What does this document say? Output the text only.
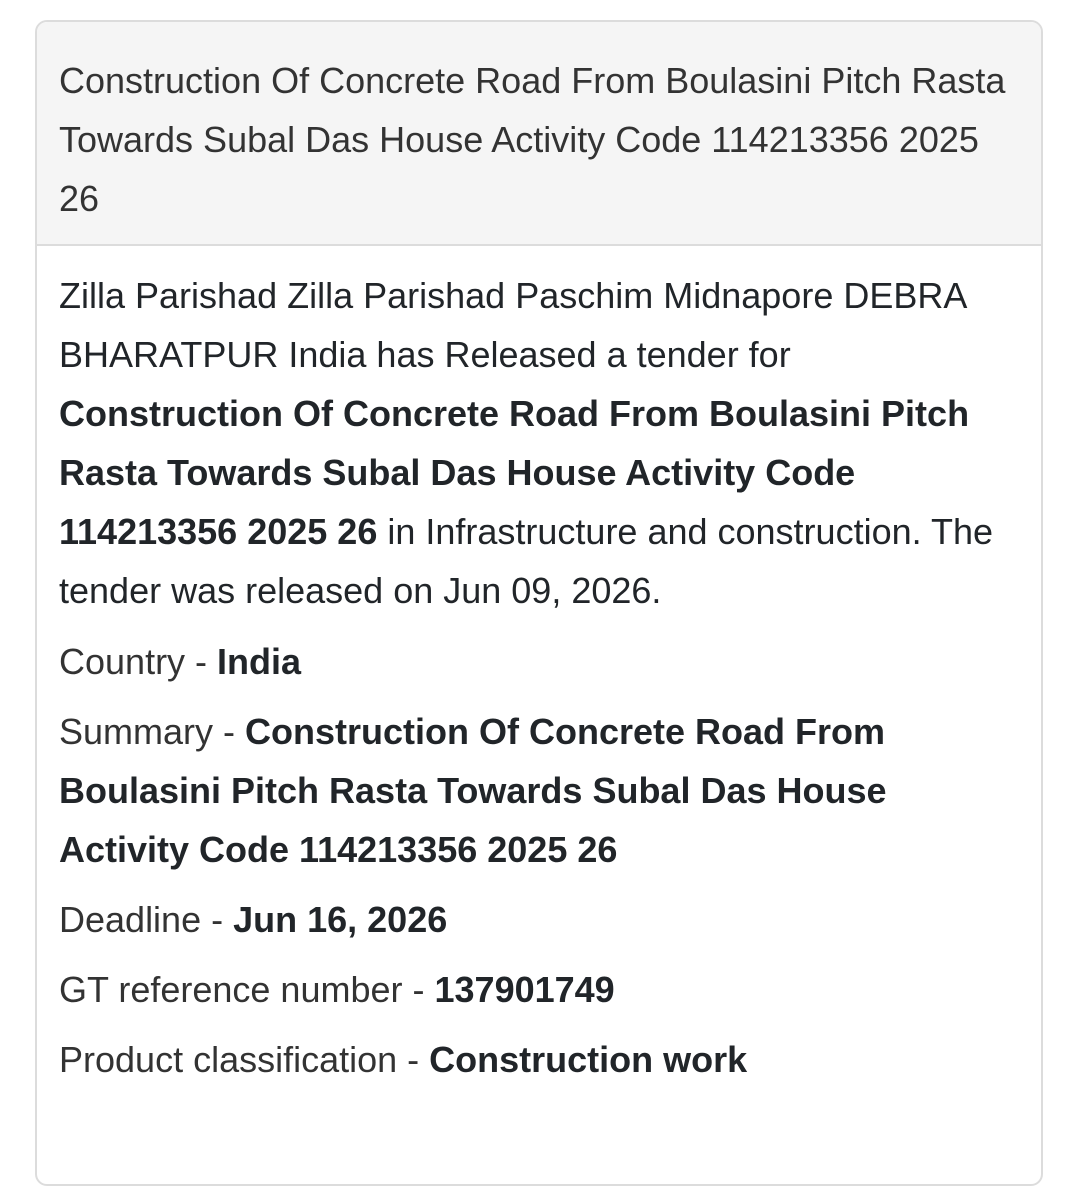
Construction Of Concrete Road From Boulasini Pitch Rasta Towards Subal Das House Activity Code 114213356 2025 26

Zilla Parishad Zilla Parishad Paschim Midnapore DEBRA BHARATPUR India has Released a tender for Construction Of Concrete Road From Boulasini Pitch Rasta Towards Subal Das House Activity Code 114213356 2025 26 in Infrastructure and construction. The tender was released on Jun 09, 2026.

Country - India
Summary - Construction Of Concrete Road From Boulasini Pitch Rasta Towards Subal Das House Activity Code 114213356 2025 26
Deadline - Jun 16, 2026
GT reference number - 137901749
Product classification - Construction work
